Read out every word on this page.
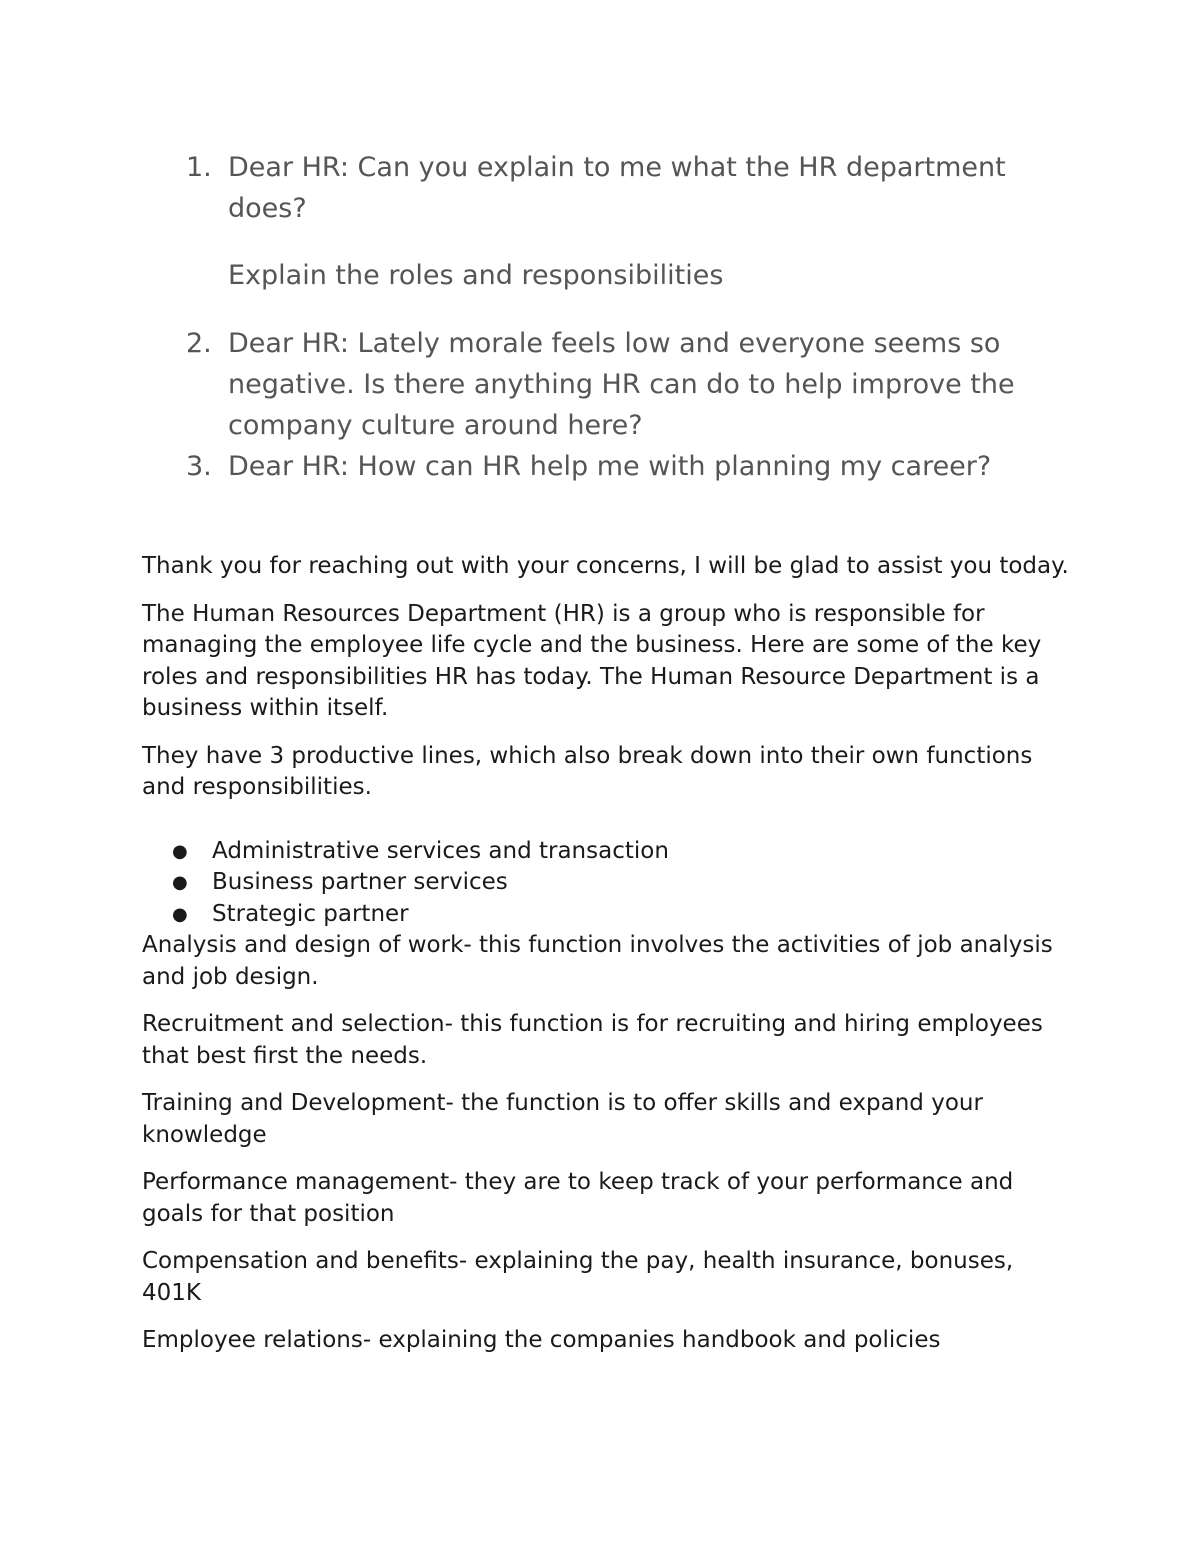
1. Dear HR: Can you explain to me what the HR department does?
Explain the roles and responsibilities
2. Dear HR: Lately morale feels low and everyone seems so negative. Is there anything HR can do to help improve the company culture around here?
3. Dear HR: How can HR help me with planning my career?

Thank you for reaching out with your concerns, I will be glad to assist you today.

The Human Resources Department (HR) is a group who is responsible for managing the employee life cycle and the business. Here are some of the key roles and responsibilities HR has today. The Human Resource Department is a business within itself.

They have 3 productive lines, which also break down into their own functions and responsibilities.

●	Administrative services and transaction
●	Business partner services
●	Strategic partner

Analysis and design of work- this function involves the activities of job analysis and job design.

Recruitment and selection- this function is for recruiting and hiring employees that best first the needs.

Training and Development- the function is to offer skills and expand your knowledge

Performance management- they are to keep track of your performance and goals for that position

Compensation and benefits- explaining the pay, health insurance, bonuses, 401K

Employee relations- explaining the companies handbook and policies
